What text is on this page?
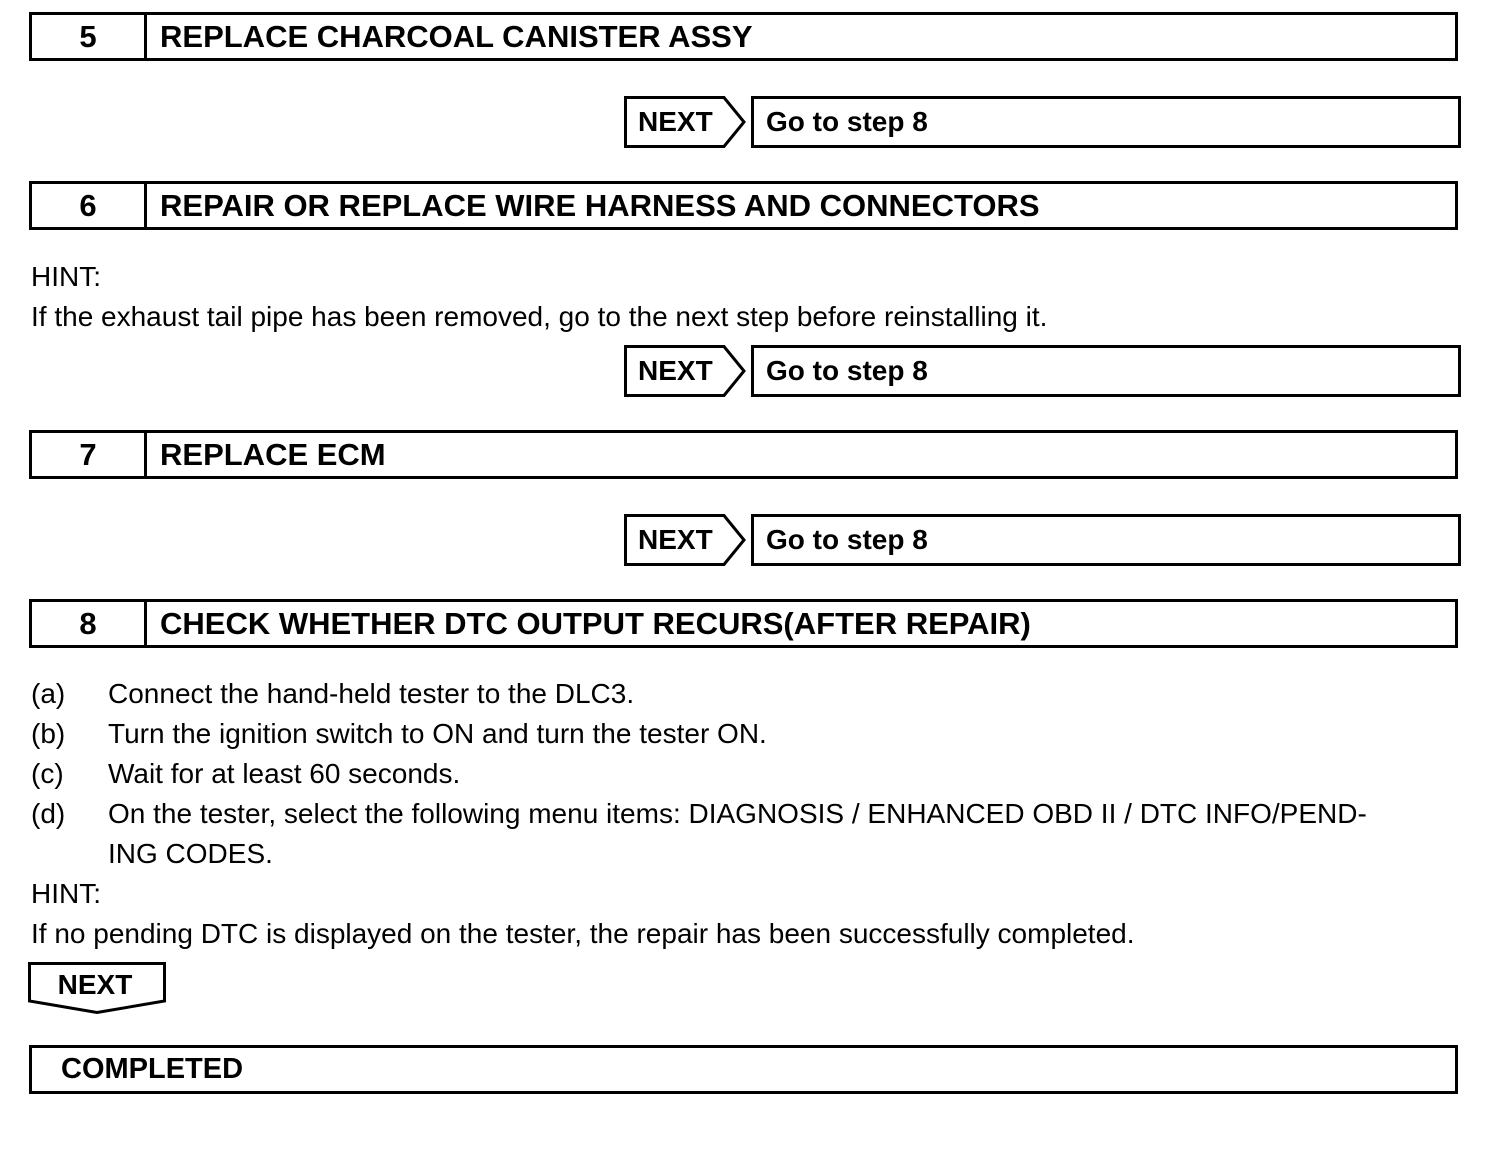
5	REPLACE CHARCOAL CANISTER ASSY
NEXT	Go to step 8
6	REPAIR OR REPLACE WIRE HARNESS AND CONNECTORS
HINT:
If the exhaust tail pipe has been removed, go to the next step before reinstalling it.
NEXT	Go to step 8
7	REPLACE ECM
NEXT	Go to step 8
8	CHECK WHETHER DTC OUTPUT RECURS(AFTER REPAIR)
(a) Connect the hand-held tester to the DLC3.
(b) Turn the ignition switch to ON and turn the tester ON.
(c) Wait for at least 60 seconds.
(d) On the tester, select the following menu items: DIAGNOSIS / ENHANCED OBD II / DTC INFO/PEND-
ING CODES.
HINT:
If no pending DTC is displayed on the tester, the repair has been successfully completed.
NEXT
COMPLETED
